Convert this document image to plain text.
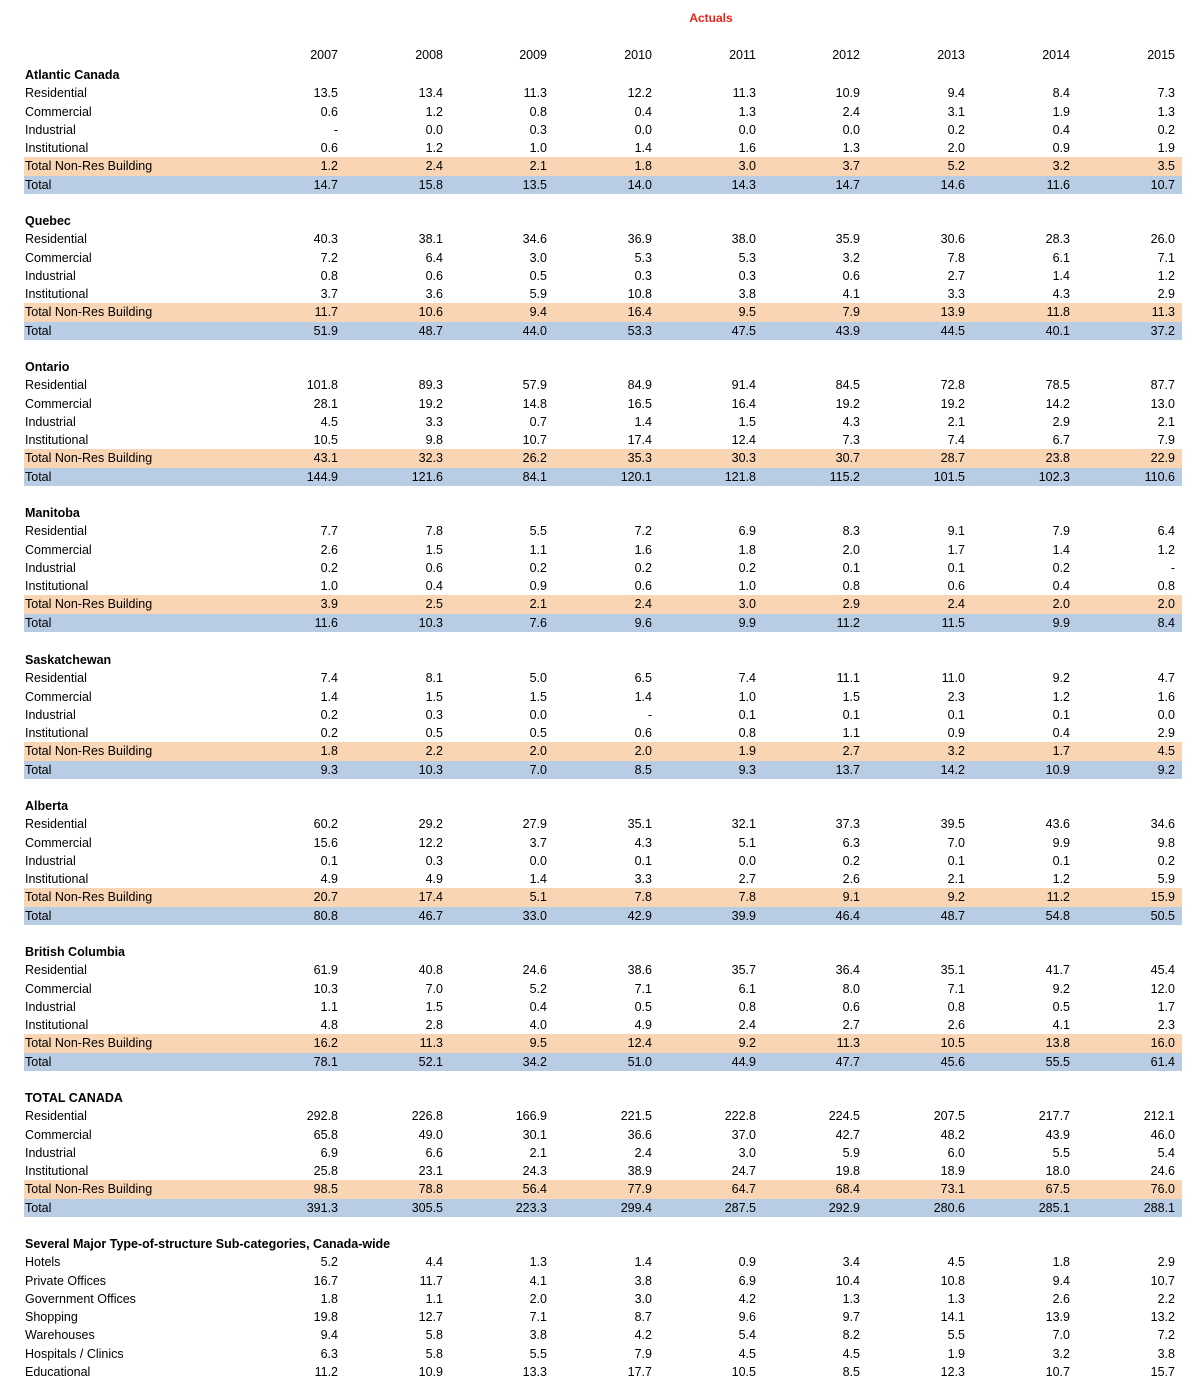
Actuals
2007	2008	2009	2010	2011	2012	2013	2014	2015
Atlantic Canada
Residential	13.5	13.4	11.3	12.2	11.3	10.9	9.4	8.4	7.3
Commercial	0.6	1.2	0.8	0.4	1.3	2.4	3.1	1.9	1.3
Industrial	-	0.0	0.3	0.0	0.0	0.0	0.2	0.4	0.2
Institutional	0.6	1.2	1.0	1.4	1.6	1.3	2.0	0.9	1.9
Total Non-Res Building	1.2	2.4	2.1	1.8	3.0	3.7	5.2	3.2	3.5
Total	14.7	15.8	13.5	14.0	14.3	14.7	14.6	11.6	10.7
Quebec
Residential	40.3	38.1	34.6	36.9	38.0	35.9	30.6	28.3	26.0
Commercial	7.2	6.4	3.0	5.3	5.3	3.2	7.8	6.1	7.1
Industrial	0.8	0.6	0.5	0.3	0.3	0.6	2.7	1.4	1.2
Institutional	3.7	3.6	5.9	10.8	3.8	4.1	3.3	4.3	2.9
Total Non-Res Building	11.7	10.6	9.4	16.4	9.5	7.9	13.9	11.8	11.3
Total	51.9	48.7	44.0	53.3	47.5	43.9	44.5	40.1	37.2
Ontario
Residential	101.8	89.3	57.9	84.9	91.4	84.5	72.8	78.5	87.7
Commercial	28.1	19.2	14.8	16.5	16.4	19.2	19.2	14.2	13.0
Industrial	4.5	3.3	0.7	1.4	1.5	4.3	2.1	2.9	2.1
Institutional	10.5	9.8	10.7	17.4	12.4	7.3	7.4	6.7	7.9
Total Non-Res Building	43.1	32.3	26.2	35.3	30.3	30.7	28.7	23.8	22.9
Total	144.9	121.6	84.1	120.1	121.8	115.2	101.5	102.3	110.6
Manitoba
Residential	7.7	7.8	5.5	7.2	6.9	8.3	9.1	7.9	6.4
Commercial	2.6	1.5	1.1	1.6	1.8	2.0	1.7	1.4	1.2
Industrial	0.2	0.6	0.2	0.2	0.2	0.1	0.1	0.2	-
Institutional	1.0	0.4	0.9	0.6	1.0	0.8	0.6	0.4	0.8
Total Non-Res Building	3.9	2.5	2.1	2.4	3.0	2.9	2.4	2.0	2.0
Total	11.6	10.3	7.6	9.6	9.9	11.2	11.5	9.9	8.4
Saskatchewan
Residential	7.4	8.1	5.0	6.5	7.4	11.1	11.0	9.2	4.7
Commercial	1.4	1.5	1.5	1.4	1.0	1.5	2.3	1.2	1.6
Industrial	0.2	0.3	0.0	-	0.1	0.1	0.1	0.1	0.0
Institutional	0.2	0.5	0.5	0.6	0.8	1.1	0.9	0.4	2.9
Total Non-Res Building	1.8	2.2	2.0	2.0	1.9	2.7	3.2	1.7	4.5
Total	9.3	10.3	7.0	8.5	9.3	13.7	14.2	10.9	9.2
Alberta
Residential	60.2	29.2	27.9	35.1	32.1	37.3	39.5	43.6	34.6
Commercial	15.6	12.2	3.7	4.3	5.1	6.3	7.0	9.9	9.8
Industrial	0.1	0.3	0.0	0.1	0.0	0.2	0.1	0.1	0.2
Institutional	4.9	4.9	1.4	3.3	2.7	2.6	2.1	1.2	5.9
Total Non-Res Building	20.7	17.4	5.1	7.8	7.8	9.1	9.2	11.2	15.9
Total	80.8	46.7	33.0	42.9	39.9	46.4	48.7	54.8	50.5
British Columbia
Residential	61.9	40.8	24.6	38.6	35.7	36.4	35.1	41.7	45.4
Commercial	10.3	7.0	5.2	7.1	6.1	8.0	7.1	9.2	12.0
Industrial	1.1	1.5	0.4	0.5	0.8	0.6	0.8	0.5	1.7
Institutional	4.8	2.8	4.0	4.9	2.4	2.7	2.6	4.1	2.3
Total Non-Res Building	16.2	11.3	9.5	12.4	9.2	11.3	10.5	13.8	16.0
Total	78.1	52.1	34.2	51.0	44.9	47.7	45.6	55.5	61.4
TOTAL CANADA
Residential	292.8	226.8	166.9	221.5	222.8	224.5	207.5	217.7	212.1
Commercial	65.8	49.0	30.1	36.6	37.0	42.7	48.2	43.9	46.0
Industrial	6.9	6.6	2.1	2.4	3.0	5.9	6.0	5.5	5.4
Institutional	25.8	23.1	24.3	38.9	24.7	19.8	18.9	18.0	24.6
Total Non-Res Building	98.5	78.8	56.4	77.9	64.7	68.4	73.1	67.5	76.0
Total	391.3	305.5	223.3	299.4	287.5	292.9	280.6	285.1	288.1
Several Major Type-of-structure Sub-categories, Canada-wide
Hotels	5.2	4.4	1.3	1.4	0.9	3.4	4.5	1.8	2.9
Private Offices	16.7	11.7	4.1	3.8	6.9	10.4	10.8	9.4	10.7
Government Offices	1.8	1.1	2.0	3.0	4.2	1.3	1.3	2.6	2.2
Shopping	19.8	12.7	7.1	8.7	9.6	9.7	14.1	13.9	13.2
Warehouses	9.4	5.8	3.8	4.2	5.4	8.2	5.5	7.0	7.2
Hospitals / Clinics	6.3	5.8	5.5	7.9	4.5	4.5	1.9	3.2	3.8
Educational	11.2	10.9	13.3	17.7	10.5	8.5	12.3	10.7	15.7
